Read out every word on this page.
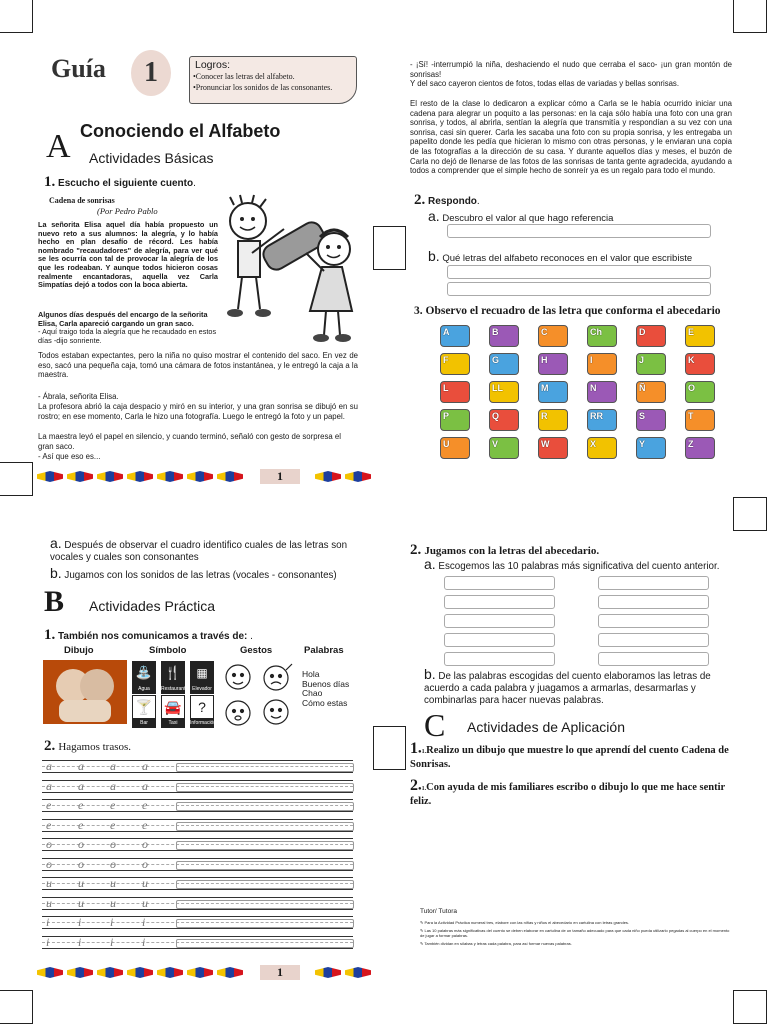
Guía	1	Logros:
•Conocer las letras del alfabeto.
•Pronunciar los sonidos de las consonantes.
A Conociendo el Alfabeto
Actividades Básicas
1. Escucho el siguiente cuento.
Cadena de sonrisas
(Por Pedro Pablo
La señorita Elisa aquel día había propuesto un nuevo reto a sus alumnos: la alegría, y lo había hecho en plan desafío de récord. Les había nombrado "recaudadores" de alegría, para ver qué se les ocurría con tal de provocar la alegría de los que les rodeaban. Y aunque todos hicieron cosas realmente encantadoras, aquella vez Carla Simpatías dejó a todos con la boca abierta.
Algunos días después del encargo de la señorita Elisa, Carla apareció cargando un gran saco.
- Aquí traigo toda la alegría que he recaudado en estos días -dijo sonriente.
Todos estaban expectantes, pero la niña no quiso mostrar el contenido del saco. En vez de eso, sacó una pequeña caja, tomó una cámara de fotos instantánea, y le entregó la caja a la maestra.
- Ábrala, señorita Elisa.
La profesora abrió la caja despacio y miró en su interior, y una gran sonrisa se dibujó en su rostro; en ese momento, Carla le hizo una fotografía. Luego le entregó la foto y un papel.
La maestra leyó el papel en silencio, y cuando terminó, señaló con gesto de sorpresa el gran saco.
- Así que eso es...
1
- ¡Sí! -interrumpió la niña, deshaciendo el nudo que cerraba el saco- ¡un gran montón de sonrisas!
Y del saco cayeron cientos de fotos, todas ellas de variadas y bellas sonrisas.
El resto de la clase lo dedicaron a explicar cómo a Carla se le había ocurrido iniciar una cadena para alegrar un poquito a las personas: en la caja sólo había una foto con una gran sonrisa, y todos, al abrirla, sentían la alegría que transmitía y respondían a su vez con una sonrisa, casi sin querer. Carla les sacaba una foto con su propia sonrisa, y les entregaba un papelito donde les pedía que hicieran lo mismo con otras personas, y le enviaran una copia de las fotografías a la dirección de su casa. Y durante aquellos días y meses, el buzón de Carla no dejó de llenarse de las fotos de las sonrisas de tanta gente agradecida, ayudando a todos a comprender que el simple hecho de sonreír ya es un regalo para todo el mundo.
2. Respondo.
a. Descubro el valor al que hago referencia
b. Qué letras del alfabeto reconoces en el valor que escribiste
3. Observo el recuadro de las letra que conforma el abecedario
A	B	C	Ch	D	E
F	G	H	I	J	K
L	LL	M	N	Ñ	O
P	Q	R	RR	S	T
U	V	W	X	Y	Z
a. Después de observar el cuadro identifico cuales de las letras son vocales y cuales son consonantes
b. Jugamos con los sonidos de las letras (vocales - consonantes)
B Actividades Práctica
1. También nos comunicamos a través de: .
Dibujo	Símbolo	Gestos	Palabras
⛲ 🍴	▦
Agua	Restaurant	Elevador
🍸 🚘	?
Bar	Taxi	Información
Hola
Buenos días
Chao
Cómo estas
2. Hagamos trasos.
a	a	a	a
a	a	a	a
e	e	e	e
e	e	e	e
o	o	o	o
o	o	o	o
u	u	u	u
u	u	u	u
i	i	i	i
i	i	i	i
1
2. Jugamos con la letras del abecedario.
a. Escogemos las 10 palabras más significativa del cuento anterior.
b. De las palabras escogidas del cuento elaboramos las letras de acuerdo a cada palabra y juagamos a armarlas, desarmarlas y combinarlas para hacer nuevas palabras.
C Actividades de Aplicación
1●1.Realizo un dibujo que muestre lo que aprendí del cuento Cadena de Sonrisas.
2●1.Con ayuda de mis familiares escribo o dibujo lo que me hace sentir feliz.
Tutor/ Tutora
✎ Para la Actividad Práctica numeral tres, elabore con las niñas y niños el abecedario en cartulina con letras grandes.
✎ Las 10 palabras más significativas del cuento se deben elaborar en cartulina de un tamaño adecuado para que cada niño pueda utilizarlo pegadas al cuerpo en el momento de jugar a formar palabras.
✎ También dividan en sílabas y letras cada palabra, para así formar nuevas palabras.
